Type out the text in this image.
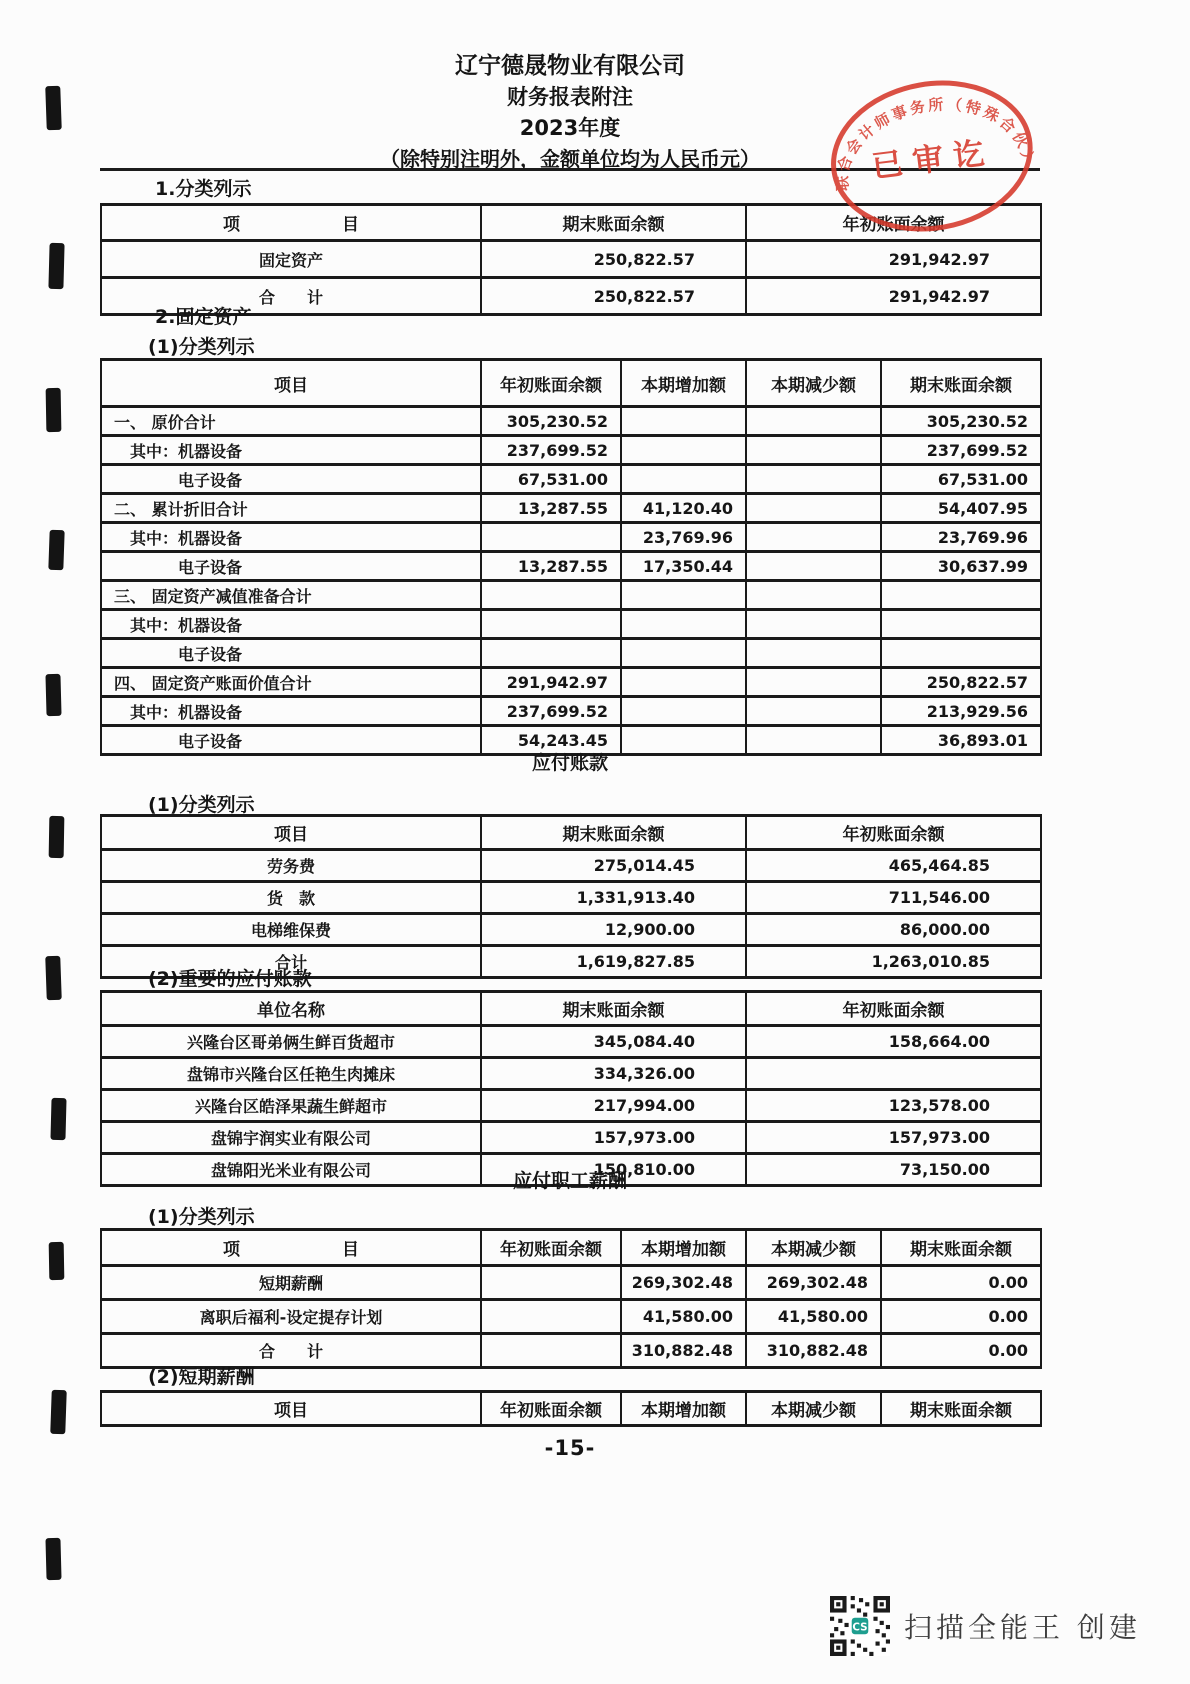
辽宁德晟物业有限公司
财务报表附注
2023年度
（除特别注明外，金额单位均为人民币元）
1.分类列示
项　　　　　　目	期末账面余额	年初账面余额
固定资产	250,822.57	291,942.97
合　　计	250,822.57	291,942.97
2.固定资产
(1)分类列示
项目	年初账面余额	本期增加额	本期减少额	期末账面余额
一、 原价合计	305,230.52			305,230.52
　其中：机器设备	237,699.52			237,699.52
　　　　电子设备	67,531.00			67,531.00
二、 累计折旧合计	13,287.55	41,120.40		54,407.95
　其中：机器设备		23,769.96		23,769.96
　　　　电子设备	13,287.55	17,350.44		30,637.99
三、 固定资产减值准备合计				
　其中：机器设备				
　　　　电子设备				
四、 固定资产账面价值合计	291,942.97			250,822.57
　其中：机器设备	237,699.52			213,929.56
　　　　电子设备	54,243.45			36,893.01
应付账款
(1)分类列示
项目	期末账面余额	年初账面余额
劳务费	275,014.45	465,464.85
货　款	1,331,913.40	711,546.00
电梯维保费	12,900.00	86,000.00
合计	1,619,827.85	1,263,010.85
(2)重要的应付账款
单位名称	期末账面余额	年初账面余额
兴隆台区哥弟俩生鲜百货超市	345,084.40	158,664.00
盘锦市兴隆台区任艳生肉摊床	334,326.00	
兴隆台区皓泽果蔬生鲜超市	217,994.00	123,578.00
盘锦宇润实业有限公司	157,973.00	157,973.00
盘锦阳光米业有限公司	150,810.00	73,150.00
应付职工薪酬
(1)分类列示
项　　　　　　目	年初账面余额	本期增加额	本期减少额	期末账面余额
短期薪酬		269,302.48	269,302.48	0.00
离职后福利-设定提存计划		41,580.00	41,580.00	0.00
合　　计		310,882.48	310,882.48	0.00
(2)短期薪酬
项目	年初账面余额	本期增加额	本期减少额	期末账面余额
-15-
联合会计师事务所（特殊合伙）
已审讫
CS 扫描全能王 创建
